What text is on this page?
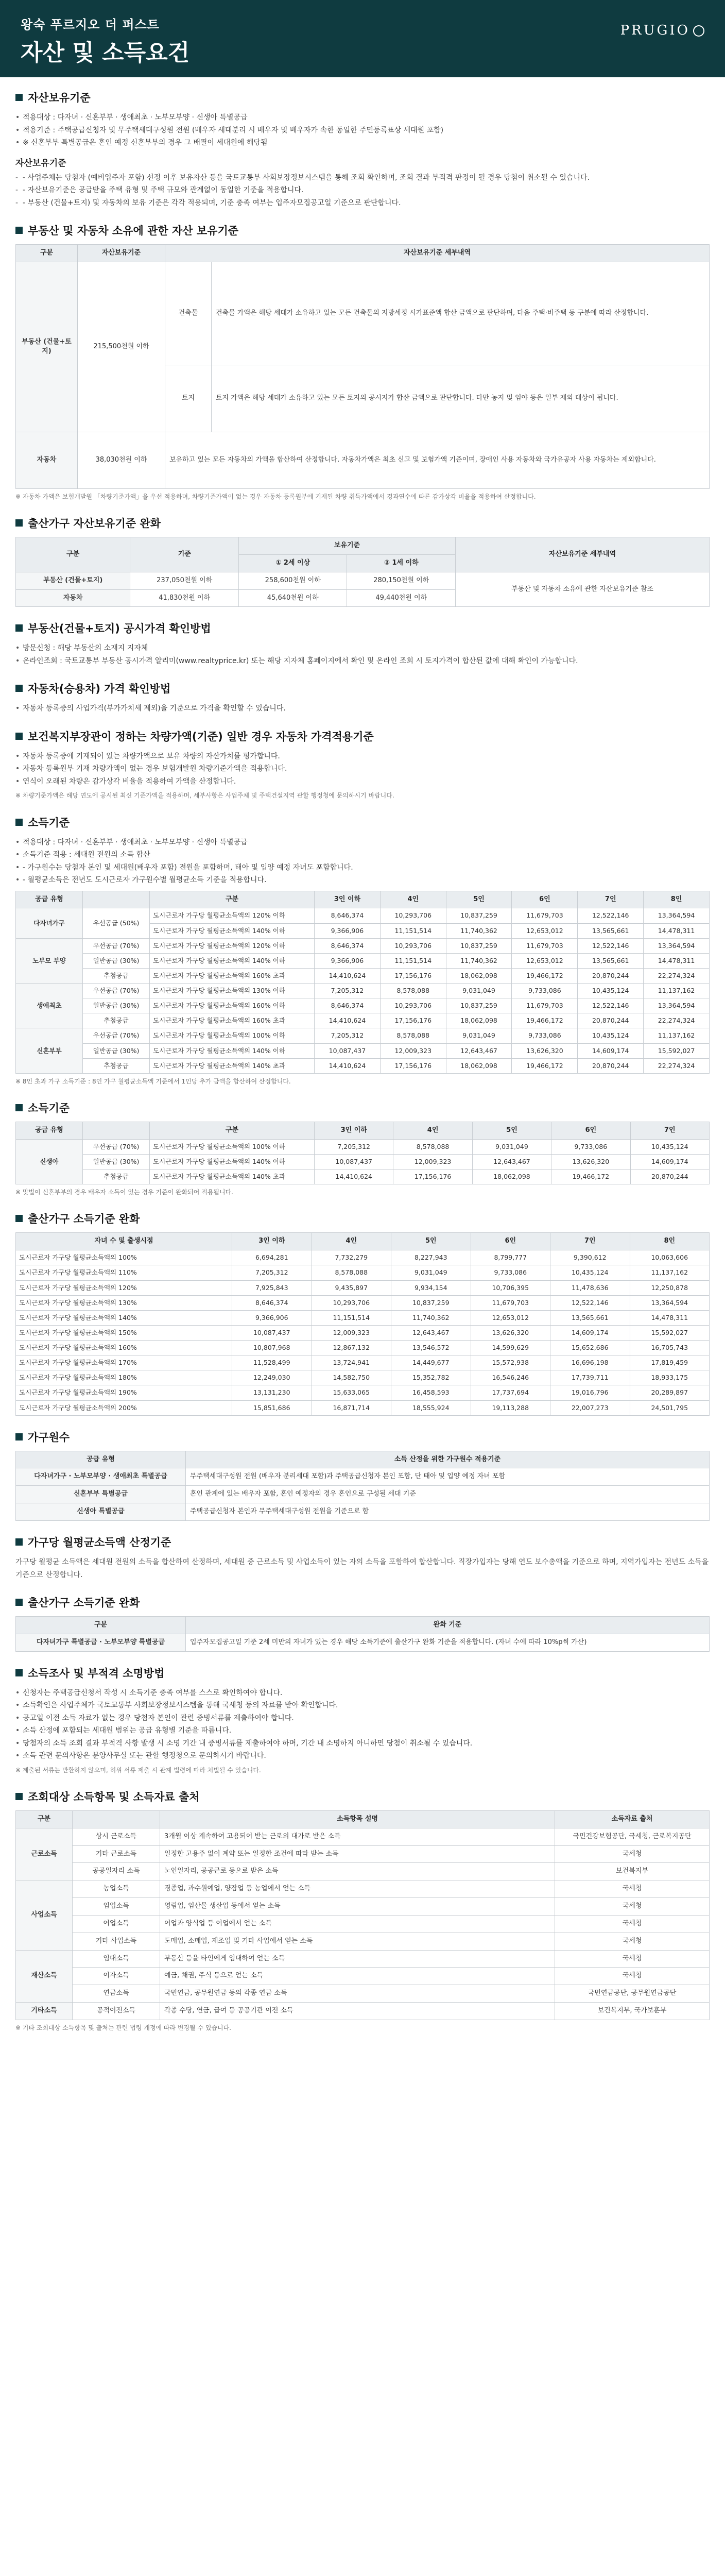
왕숙 푸르지오 더 퍼스트
자산 및 소득요건
PRUGIO
자산보유기준
• 적용대상 : 다자녀 · 신혼부부 · 생애최초 · 노부모부양 · 신생아 특별공급
• 적용기준 : 주택공급신청자 및 무주택세대구성원 전원 (배우자 세대분리 시 배우자 및 배우자가 속한 동일한 주민등록표상 세대원 포함)
• ※ 신혼부부 특별공급은 혼인 예정 신혼부부의 경우 그 배필이 세대원에 해당됨
자산보유기준
- - 사업주체는 당첨자 (예비입주자 포함) 선정 이후 보유자산 등을 국토교통부 사회보장정보시스템을 통해 조회 확인하며, 조회 결과 부적격 판정이 될 경우 당첨이 취소될 수 있습니다.
- - 자산보유기준은 공급받을 주택 유형 및 주택 규모와 관계없이 동일한 기준을 적용합니다.
- - 부동산 (건물+토지) 및 자동차의 보유 기준은 각각 적용되며, 기준 충족 여부는 입주자모집공고일 기준으로 판단합니다.
부동산 및 자동차 소유에 관한 자산 보유기준
구분	자산보유기준	자산보유기준 세부내역	
부동산 (건물+토지)	215,500천원 이하	건축물	건축물 가액은 해당 세대가 소유하고 있는 모든 건축물의 지방세정 시가표준액 합산 금액으로 판단하며, 다음 주택·비주택 등 구분에 따라 산정합니다.
		토지	토지 가액은 해당 세대가 소유하고 있는 모든 토지의 공시지가 합산 금액으로 판단합니다. 다만 농지 및 임야 등은 일부 제외 대상이 됩니다.
자동차	38,030천원 이하	보유하고 있는 모든 자동차의 가액을 합산하여 산정합니다. 자동차가액은 최초 신고 및 보험가액 기준이며, 장애인 사용 자동차와 국가유공자 사용 자동차는 제외합니다.	
※ 자동차 가액은 보험개발원 「차량기준가액」을 우선 적용하며, 차량기준가액이 없는 경우 자동차 등록원부에 기재된 차량 취득가액에서 경과연수에 따른 감가상각 비율을 적용하여 산정합니다.
출산가구 자산보유기준 완화
구분	기준	보유기준		자산보유기준 세부내역
		① 2세 이상	② 1세 이하	
부동산 (건물+토지)	237,050천원 이하	258,600천원 이하	280,150천원 이하	부동산 및 자동차 소유에 관한 자산보유기준 참조
자동차	41,830천원 이하	45,640천원 이하	49,440천원 이하	
부동산(건물+토지) 공시가격 확인방법
• 방문신청 : 해당 부동산의 소재지 지자체
• 온라인조회 : 국토교통부 부동산 공시가격 알리미(www.realtyprice.kr) 또는 해당 지자체 홈페이지에서 확인 및 온라인 조회 시 토지가격이 합산된 값에 대해 확인이 가능합니다.
자동차(승용차) 가격 확인방법
• 자동차 등록증의 사업가격(부가가치세 제외)을 기준으로 가격을 확인할 수 있습니다.
보건복지부장관이 정하는 차량가액(기준) 일반 경우 자동차 가격적용기준
• 자동차 등록증에 기재되어 있는 차량가액으로 보유 차량의 자산가치를 평가합니다.
• 자동차 등록원부 기재 차량가액이 없는 경우 보험개발원 차량기준가액을 적용합니다.
• 연식이 오래된 차량은 감가상각 비율을 적용하여 가액을 산정합니다.
※ 차량기준가액은 해당 연도에 공시된 최신 기준가액을 적용하며, 세부사항은 사업주체 및 주택건설지역 관할 행정청에 문의하시기 바랍니다.
소득기준
• 적용대상 : 다자녀 · 신혼부부 · 생애최초 · 노부모부양 · 신생아 특별공급
• 소득기준 적용 : 세대원 전원의 소득 합산
• - 가구원수는 당첨자 본인 및 세대원(배우자 포함) 전원을 포함하며, 태아 및 입양 예정 자녀도 포함합니다.
• - 월평균소득은 전년도 도시근로자 가구원수별 월평균소득 기준을 적용합니다.
공급 유형		구분	3인 이하	4인	5인	6인	7인	8인
다자녀가구	우선공급 (50%)	도시근로자 가구당 월평균소득액의 120% 이하	8,646,374	10,293,706	10,837,259	11,679,703	12,522,146	13,364,594
		도시근로자 가구당 월평균소득액의 140% 이하	9,366,906	11,151,514	11,740,362	12,653,012	13,565,661	14,478,311
노부모 부양	우선공급 (70%)	도시근로자 가구당 월평균소득액의 120% 이하	8,646,374	10,293,706	10,837,259	11,679,703	12,522,146	13,364,594
	일반공급 (30%)	도시근로자 가구당 월평균소득액의 140% 이하	9,366,906	11,151,514	11,740,362	12,653,012	13,565,661	14,478,311
	추첨공급	도시근로자 가구당 월평균소득액의 160% 초과	14,410,624	17,156,176	18,062,098	19,466,172	20,870,244	22,274,324
생애최초	우선공급 (70%)	도시근로자 가구당 월평균소득액의 130% 이하	7,205,312	8,578,088	9,031,049	9,733,086	10,435,124	11,137,162
	일반공급 (30%)	도시근로자 가구당 월평균소득액의 160% 이하	8,646,374	10,293,706	10,837,259	11,679,703	12,522,146	13,364,594
	추첨공급	도시근로자 가구당 월평균소득액의 160% 초과	14,410,624	17,156,176	18,062,098	19,466,172	20,870,244	22,274,324
신혼부부	우선공급 (70%)	도시근로자 가구당 월평균소득액의 100% 이하	7,205,312	8,578,088	9,031,049	9,733,086	10,435,124	11,137,162
	일반공급 (30%)	도시근로자 가구당 월평균소득액의 140% 이하	10,087,437	12,009,323	12,643,467	13,626,320	14,609,174	15,592,027
	추첨공급	도시근로자 가구당 월평균소득액의 140% 초과	14,410,624	17,156,176	18,062,098	19,466,172	20,870,244	22,274,324
※ 8인 초과 가구 소득기준 : 8인 가구 월평균소득액 기준에서 1인당 추가 금액을 합산하여 산정합니다.
소득기준
공급 유형		구분	3인 이하	4인	5인	6인	7인
신생아	우선공급 (70%)	도시근로자 가구당 월평균소득액의 100% 이하	7,205,312	8,578,088	9,031,049	9,733,086	10,435,124
	일반공급 (30%)	도시근로자 가구당 월평균소득액의 140% 이하	10,087,437	12,009,323	12,643,467	13,626,320	14,609,174
	추첨공급	도시근로자 가구당 월평균소득액의 140% 초과	14,410,624	17,156,176	18,062,098	19,466,172	20,870,244
※ 맞벌이 신혼부부의 경우 배우자 소득이 있는 경우 기준이 완화되어 적용됩니다.
출산가구 소득기준 완화
자녀 수 및 출생시점	3인 이하	4인	5인	6인	7인	8인
도시근로자 가구당 월평균소득액의 100%	6,694,281	7,732,279	8,227,943	8,799,777	9,390,612	10,063,606
도시근로자 가구당 월평균소득액의 110%	7,205,312	8,578,088	9,031,049	9,733,086	10,435,124	11,137,162
도시근로자 가구당 월평균소득액의 120%	7,925,843	9,435,897	9,934,154	10,706,395	11,478,636	12,250,878
도시근로자 가구당 월평균소득액의 130%	8,646,374	10,293,706	10,837,259	11,679,703	12,522,146	13,364,594
도시근로자 가구당 월평균소득액의 140%	9,366,906	11,151,514	11,740,362	12,653,012	13,565,661	14,478,311
도시근로자 가구당 월평균소득액의 150%	10,087,437	12,009,323	12,643,467	13,626,320	14,609,174	15,592,027
도시근로자 가구당 월평균소득액의 160%	10,807,968	12,867,132	13,546,572	14,599,629	15,652,686	16,705,743
도시근로자 가구당 월평균소득액의 170%	11,528,499	13,724,941	14,449,677	15,572,938	16,696,198	17,819,459
도시근로자 가구당 월평균소득액의 180%	12,249,030	14,582,750	15,352,782	16,546,246	17,739,711	18,933,175
도시근로자 가구당 월평균소득액의 190%	13,131,230	15,633,065	16,458,593	17,737,694	19,016,796	20,289,897
도시근로자 가구당 월평균소득액의 200%	15,851,686	16,871,714	18,555,924	19,113,288	22,007,273	24,501,795
가구원수
공급 유형	소득 산정을 위한 가구원수 적용기준
다자녀가구 · 노부모부양 · 생애최초 특별공급	무주택세대구성원 전원 (배우자 분리세대 포함)과 주택공급신청자 본인 포함, 단 태아 및 입양 예정 자녀 포함
신혼부부 특별공급	혼인 관계에 있는 배우자 포함, 혼인 예정자의 경우 혼인으로 구성될 세대 기준
신생아 특별공급	주택공급신청자 본인과 무주택세대구성원 전원을 기준으로 함
가구당 월평균소득액 산정기준
가구당 월평균 소득액은 세대원 전원의 소득을 합산하여 산정하며, 세대원 중 근로소득 및 사업소득이 있는 자의 소득을 포함하여 합산합니다. 직장가입자는 당해 연도 보수총액을 기준으로 하며, 지역가입자는 전년도 소득을 기준으로 산정합니다.
출산가구 소득기준 완화
구분	완화 기준
다자녀가구 특별공급 · 노부모부양 특별공급	입주자모집공고일 기준 2세 미만의 자녀가 있는 경우 해당 소득기준에 출산가구 완화 기준을 적용합니다. (자녀 수에 따라 10%p씩 가산)
소득조사 및 부적격 소명방법
• 신청자는 주택공급신청서 작성 시 소득기준 충족 여부를 스스로 확인하여야 합니다.
• 소득확인은 사업주체가 국토교통부 사회보장정보시스템을 통해 국세청 등의 자료를 받아 확인합니다.
• 공고일 이전 소득 자료가 없는 경우 당첨자 본인이 관련 증빙서류를 제출하여야 합니다.
• 소득 산정에 포함되는 세대원 범위는 공급 유형별 기준을 따릅니다.
• 당첨자의 소득 조회 결과 부적격 사항 발생 시 소명 기간 내 증빙서류를 제출하여야 하며, 기간 내 소명하지 아니하면 당첨이 취소될 수 있습니다.
• 소득 관련 문의사항은 분양사무실 또는 관할 행정청으로 문의하시기 바랍니다.
※ 제출된 서류는 반환하지 않으며, 허위 서류 제출 시 관계 법령에 따라 처벌될 수 있습니다.
조회대상 소득항목 및 소득자료 출처
구분		소득항목 설명	소득자료 출처
근로소득	상시 근로소득	3개월 이상 계속하여 고용되어 받는 근로의 대가로 받은 소득	국민건강보험공단, 국세청, 근로복지공단
	기타 근로소득	일정한 고용주 없이 계약 또는 일정한 조건에 따라 받는 소득	국세청
	공공일자리 소득	노인일자리, 공공근로 등으로 받은 소득	보건복지부
사업소득	농업소득	경종업, 과수원예업, 양잠업 등 농업에서 얻는 소득	국세청
	임업소득	영림업, 임산물 생산업 등에서 얻는 소득	국세청
	어업소득	어업과 양식업 등 어업에서 얻는 소득	국세청
	기타 사업소득	도매업, 소매업, 제조업 및 기타 사업에서 얻는 소득	국세청
재산소득	임대소득	부동산 등을 타인에게 임대하여 얻는 소득	국세청
	이자소득	예금, 채권, 주식 등으로 얻는 소득	국세청
	연금소득	국민연금, 공무원연금 등의 각종 연금 소득	국민연금공단, 공무원연금공단
기타소득	공적이전소득	각종 수당, 연금, 급여 등 공공기관 이전 소득	보건복지부, 국가보훈부
※ 기타 조회대상 소득항목 및 출처는 관련 법령 개정에 따라 변경될 수 있습니다.
